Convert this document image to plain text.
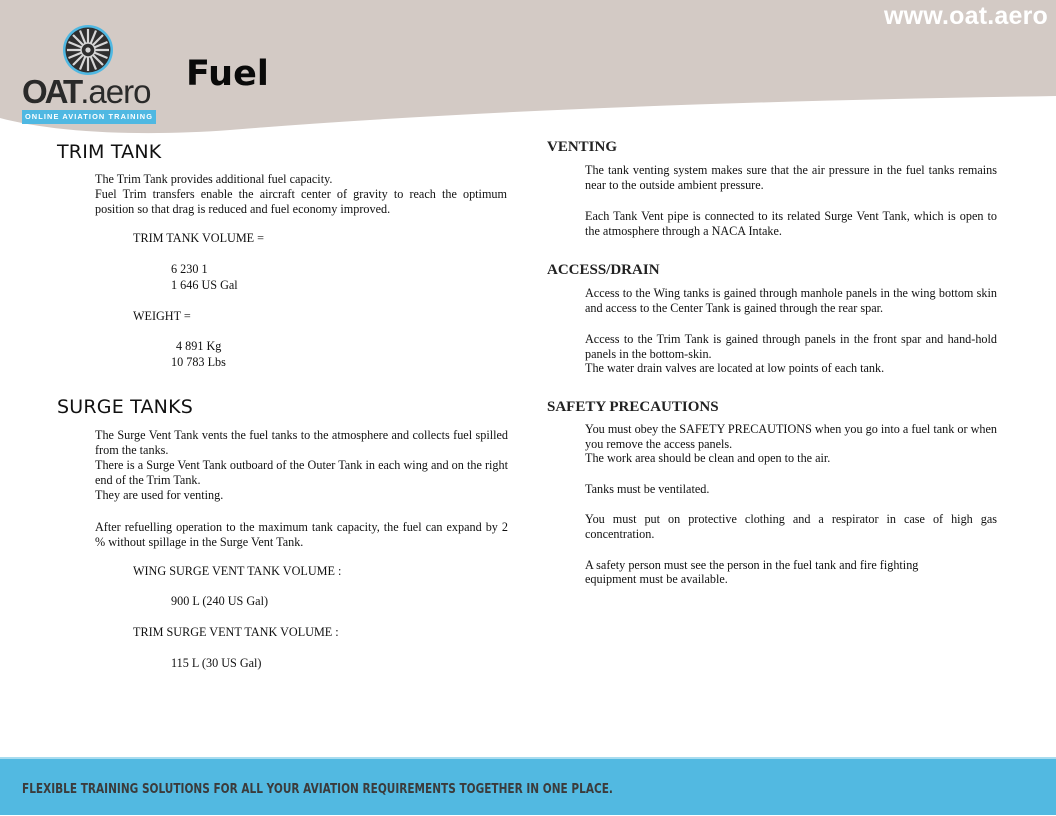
www.oat.aero
OAT.aero
ONLINE AVIATION TRAINING
Fuel
TRIM TANK
The Trim Tank provides additional fuel capacity.
Fuel Trim transfers enable the aircraft center of gravity to reach the optimum position so that drag is reduced and fuel economy improved.
TRIM TANK VOLUME =
6 230 1
1 646 US Gal
WEIGHT =
4 891 Kg
10 783 Lbs
SURGE TANKS
The Surge Vent Tank vents the fuel tanks to the atmosphere and collects fuel spilled from the tanks.
There is a Surge Vent Tank outboard of the Outer Tank in each wing and on the right end of the Trim Tank.
They are used for venting.
After refuelling operation to the maximum tank capacity, the fuel can expand by 2 % without spillage in the Surge Vent Tank.
WING SURGE VENT TANK VOLUME :
900 L (240 US Gal)
TRIM SURGE VENT TANK VOLUME :
115 L (30 US Gal)
VENTING
The tank venting system makes sure that the air pressure in the fuel tanks remains near to the outside ambient pressure.
Each Tank Vent pipe is connected to its related Surge Vent Tank, which is open to the atmosphere through a NACA Intake.
ACCESS/DRAIN
Access to the Wing tanks is gained through manhole panels in the wing bottom skin and access to the Center Tank is gained through the rear spar.
Access to the Trim Tank is gained through panels in the front spar and hand-hold panels in the bottom-skin.
The water drain valves are located at low points of each tank.
SAFETY PRECAUTIONS
You must obey the SAFETY PRECAUTIONS when you go into a fuel tank or when you remove the access panels.
The work area should be clean and open to the air.
Tanks must be ventilated.
You must put on protective clothing and a respirator in case of high gas concentration.
A safety person must see the person in the fuel tank and fire fighting
equipment must be available.
FLEXIBLE TRAINING SOLUTIONS FOR ALL YOUR AVIATION REQUIREMENTS TOGETHER IN ONE PLACE.
